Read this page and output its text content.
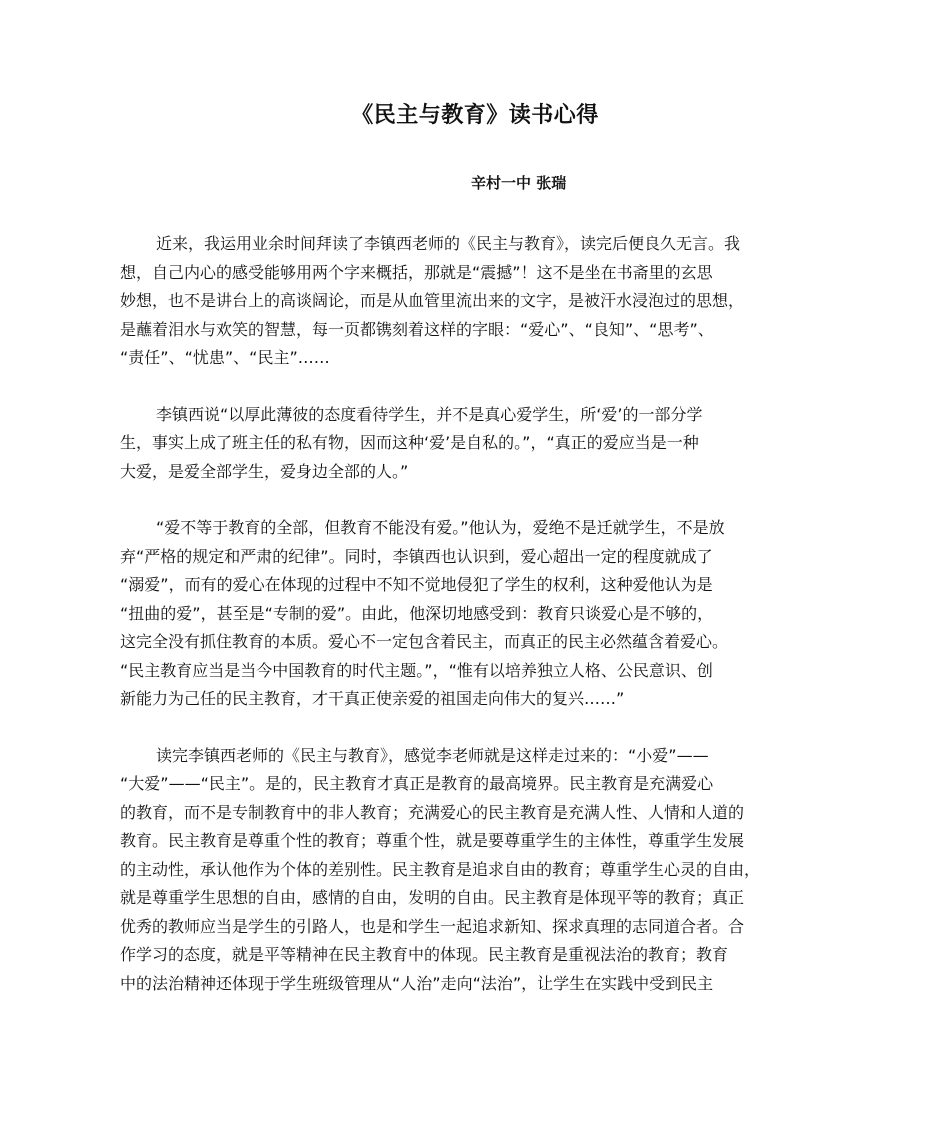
《民主与教育》读书心得
辛村一中 张瑞
近来，我运用业余时间拜读了李镇西老师的《民主与教育》，读完后便良久无言。我
想，自己内心的感受能够用两个字来概括，那就是“震撼”！这不是坐在书斋里的玄思
妙想，也不是讲台上的高谈阔论，而是从血管里流出来的文字，是被汗水浸泡过的思想，
是蘸着泪水与欢笑的智慧，每一页都镌刻着这样的字眼：“爱心”、“良知”、“思考”、
“责任”、“忧患”、“民主”……
李镇西说“以厚此薄彼的态度看待学生，并不是真心爱学生，所‘爱’的一部分学
生，事实上成了班主任的私有物，因而这种‘爱’是自私的。”，“真正的爱应当是一种
大爱，是爱全部学生，爱身边全部的人。”
“爱不等于教育的全部，但教育不能没有爱。”他认为，爱绝不是迁就学生，不是放
弃“严格的规定和严肃的纪律”。同时，李镇西也认识到，爱心超出一定的程度就成了
“溺爱”，而有的爱心在体现的过程中不知不觉地侵犯了学生的权利，这种爱他认为是
“扭曲的爱”，甚至是“专制的爱”。由此，他深切地感受到：教育只谈爱心是不够的，
这完全没有抓住教育的本质。爱心不一定包含着民主，而真正的民主必然蕴含着爱心。
“民主教育应当是当今中国教育的时代主题。”，“惟有以培养独立人格、公民意识、创
新能力为己任的民主教育，才干真正使亲爱的祖国走向伟大的复兴……”
读完李镇西老师的《民主与教育》，感觉李老师就是这样走过来的：“小爱”——
“大爱”——“民主”。是的，民主教育才真正是教育的最高境界。民主教育是充满爱心
的教育，而不是专制教育中的非人教育；充满爱心的民主教育是充满人性、人情和人道的
教育。民主教育是尊重个性的教育；尊重个性，就是要尊重学生的主体性，尊重学生发展
的主动性，承认他作为个体的差别性。民主教育是追求自由的教育；尊重学生心灵的自由，
就是尊重学生思想的自由，感情的自由，发明的自由。民主教育是体现平等的教育；真正
优秀的教师应当是学生的引路人，也是和学生一起追求新知、探求真理的志同道合者。合
作学习的态度，就是平等精神在民主教育中的体现。民主教育是重视法治的教育；教育
中的法治精神还体现于学生班级管理从“人治”走向“法治”，让学生在实践中受到民主
